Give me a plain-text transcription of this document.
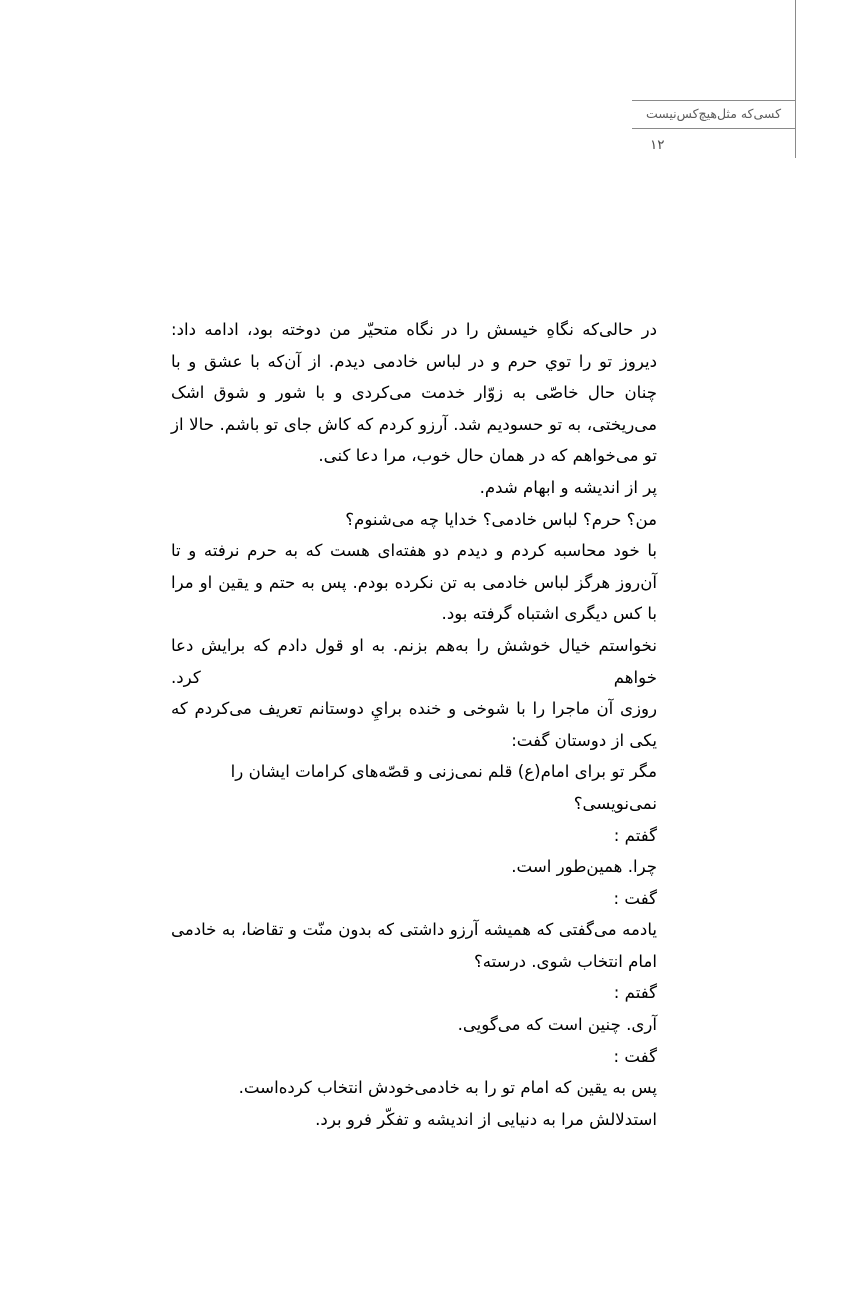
کسی‌که مثل‌هیچ‌کس‌نیست
۱۲

در حالی‌که نگاهِ خیسش را در نگاه متحیّر من دوخته بود، ادامه داد: دیروز تو را توي حرم و در لباس خادمی دیدم. از آن‌که با عشق و با چنان حال خاصّی به زوّار خدمت می‌کردی و با شور و شوق اشک می‌ریختی، به تو حسودیم شد. آرزو کردم که کاش جای تو باشم. حالا از تو می‌خواهم که در همان حال خوب، مرا دعا کنی.

پر از اندیشه و ابهام شدم.

من؟ حرم؟ لباس خادمی؟ خدایا چه می‌شنوم؟

با خود محاسبه کردم و دیدم دو هفته‌ای هست که به حرم نرفته و تا آن‌روز هرگز لباس خادمی به تن نکرده بودم. پس به حتم و یقین او مرا با کس دیگری اشتباه گرفته بود.

نخواستم خیال خوشش را به‌هم بزنم. به او قول دادم که برایش دعا خواهم کرد.

روزی آن ماجرا را با شوخی و خنده برايِ دوستانم تعریف می‌کردم که یکی از دوستان گفت:

مگر تو برای امام(ع) قلم نمی‌زنی و قصّه‌های کرامات ایشان را نمی‌نویسی؟

گفتم :

چرا. همین‌طور است.

گفت :

یادمه می‌گفتی که همیشه آرزو داشتی که بدون منّت و تقاضا، به خادمی امام انتخاب شوی. درسته؟

گفتم :

آری. چنین است که می‌گویی.

گفت :

پس به یقین که امام تو را به خادمی‌خودش انتخاب کرده‌است.

استدلالش مرا به دنیایی از اندیشه و تفکّر فرو برد.
